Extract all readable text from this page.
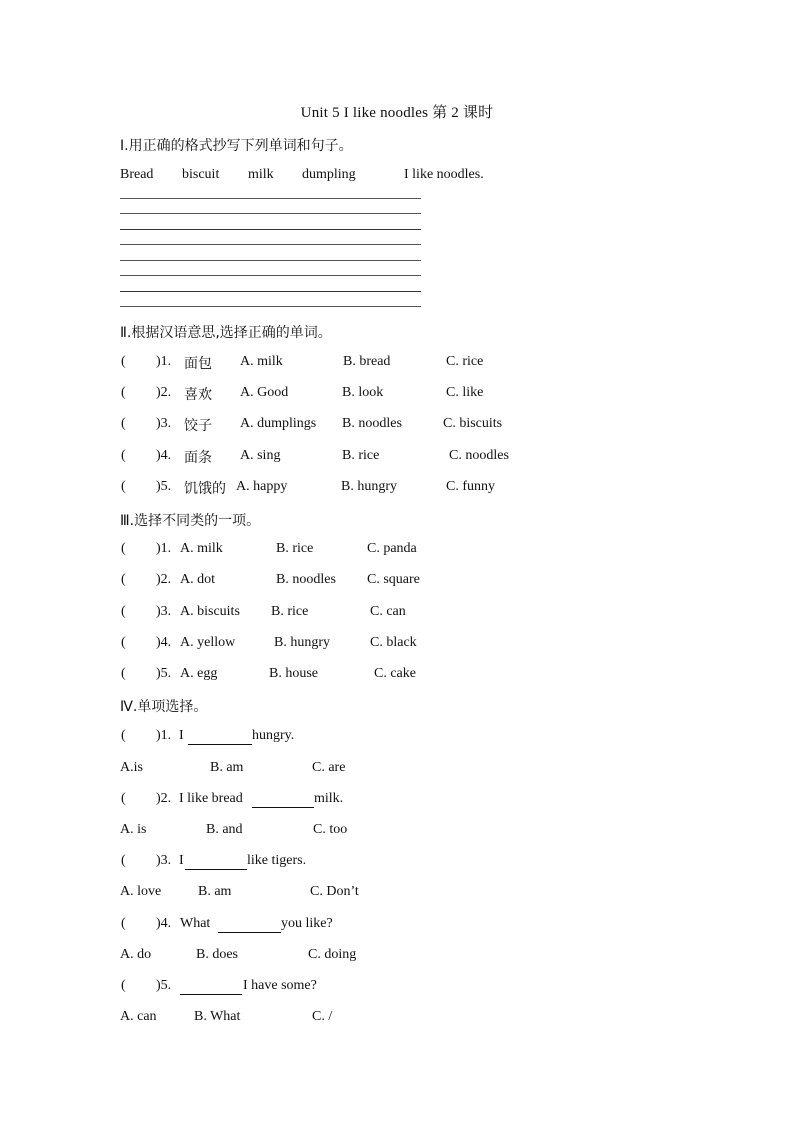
Unit 5 I like noodles 第 2 课时
Ⅰ.用正确的格式抄写下列单词和句子。
Bread biscuit milk dumpling	I like noodles.
Ⅱ.根据汉语意思,选择正确的单词。
( )1. 面包 A. milk	B. bread	C. rice
( )2. 喜欢 A. Good	B. look	C. like
( )3. 饺子 A. dumplings B. noodles	C. biscuits
( )4. 面条 A. sing	B. rice	C. noodles
( )5. 饥饿的 A. happy	B. hungry	C. funny
Ⅲ.选择不同类的一项。
( )1. A. milk	B. rice	C. panda
( )2. A. dot	B. noodles C. square
( )3. A. biscuits B. rice	C. can
( )4. A. yellow	B. hungry	C. black
( )5. A. egg	B. house	C. cake
Ⅳ.单项选择。
( )1. I	hungry.
A.is	B. am	C. are
( )2. I like bread	milk.
A. is	B. and	C. too
( )3. I	like tigers.
A. love	B. am	C. Don’t
( )4. What	you like?
A. do	B. does	C. doing
( )5.	I have some?
A. can	B. What	C. /
